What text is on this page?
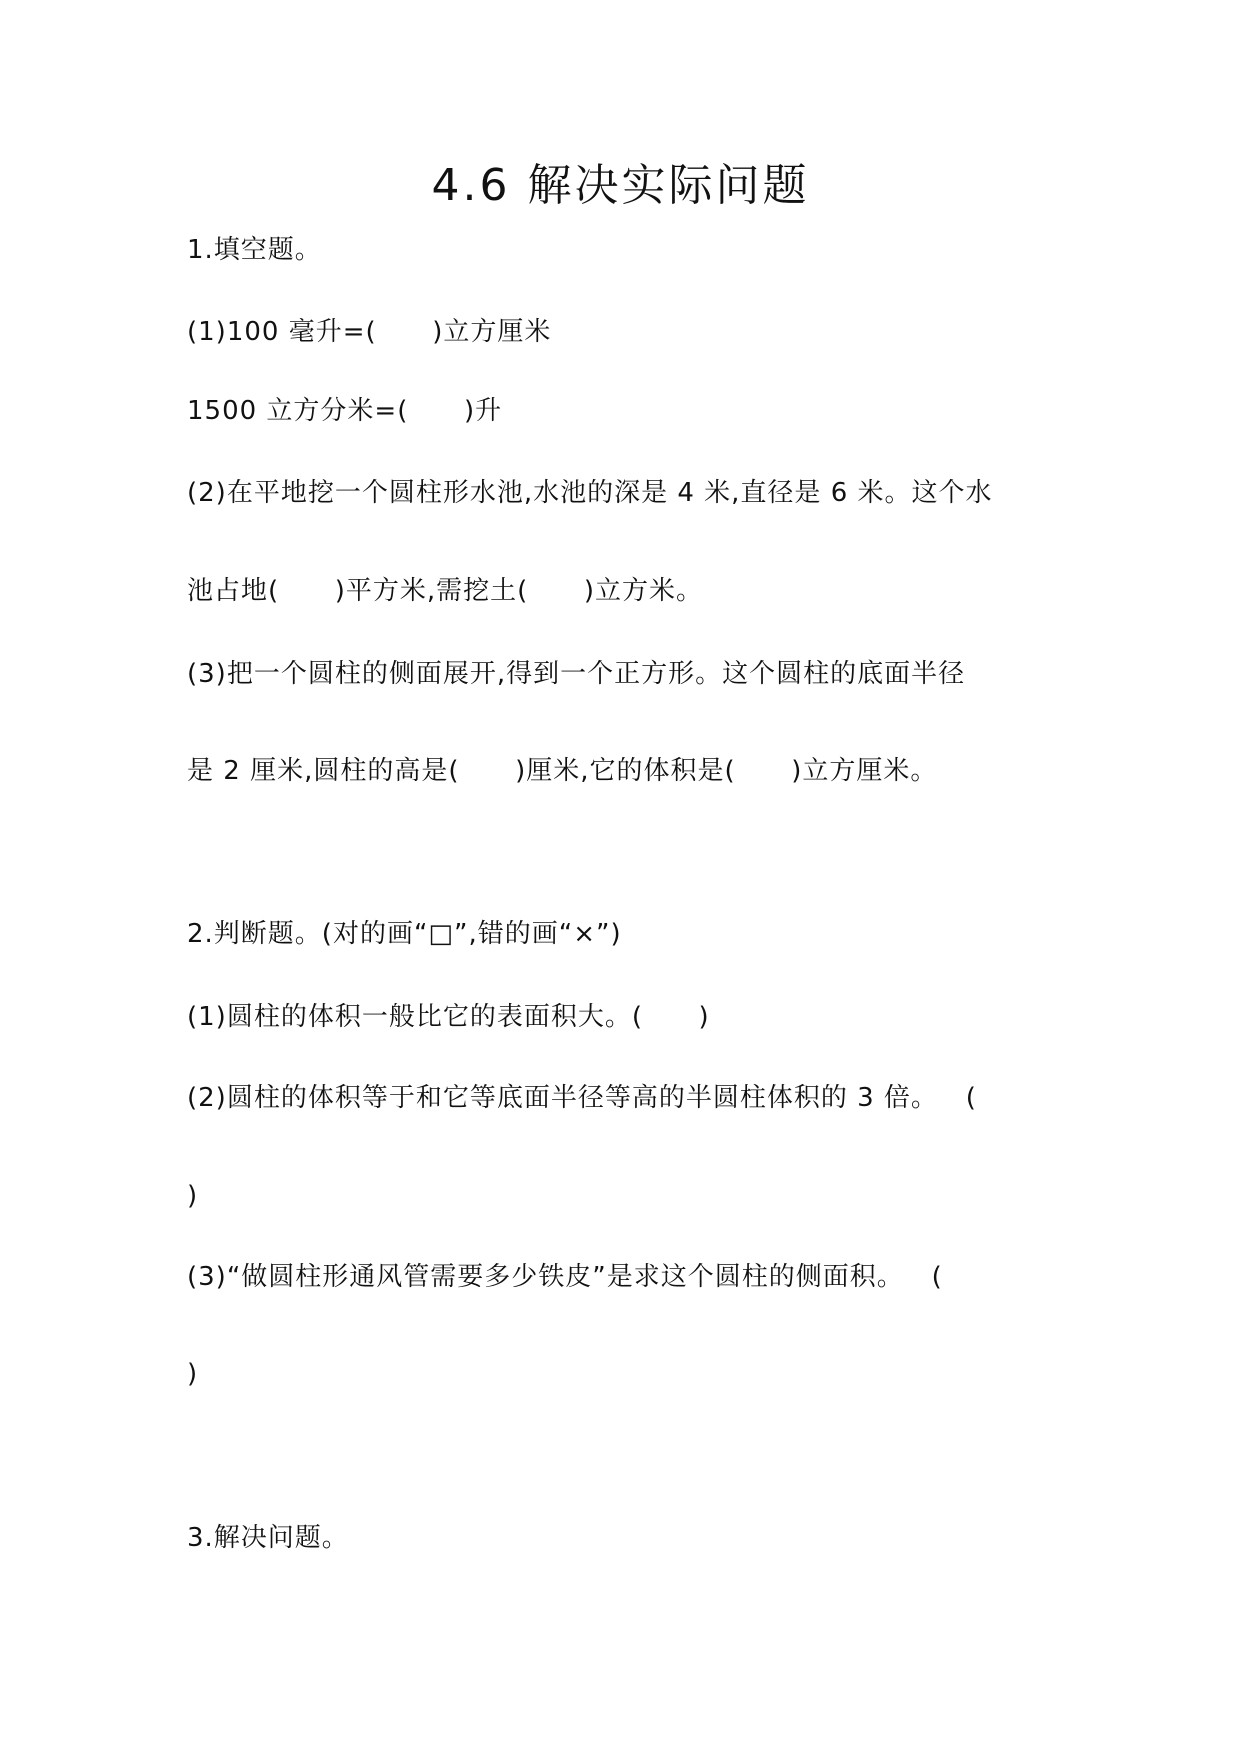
4.6 解决实际问题
1.填空题。
(1)100 毫升=(      )立方厘米
1500 立方分米=(      )升
(2)在平地挖一个圆柱形水池,水池的深是 4 米,直径是 6 米。这个水
池占地(      )平方米,需挖土(      )立方米。
(3)把一个圆柱的侧面展开,得到一个正方形。这个圆柱的底面半径
是 2 厘米,圆柱的高是(      )厘米,它的体积是(      )立方厘米。
2.判断题。(对的画“□”,错的画“×”)
(1)圆柱的体积一般比它的表面积大。(      )
(2)圆柱的体积等于和它等底面半径等高的半圆柱体积的 3 倍。   (
)
(3)“做圆柱形通风管需要多少铁皮”是求这个圆柱的侧面积。   (
)
3.解决问题。
